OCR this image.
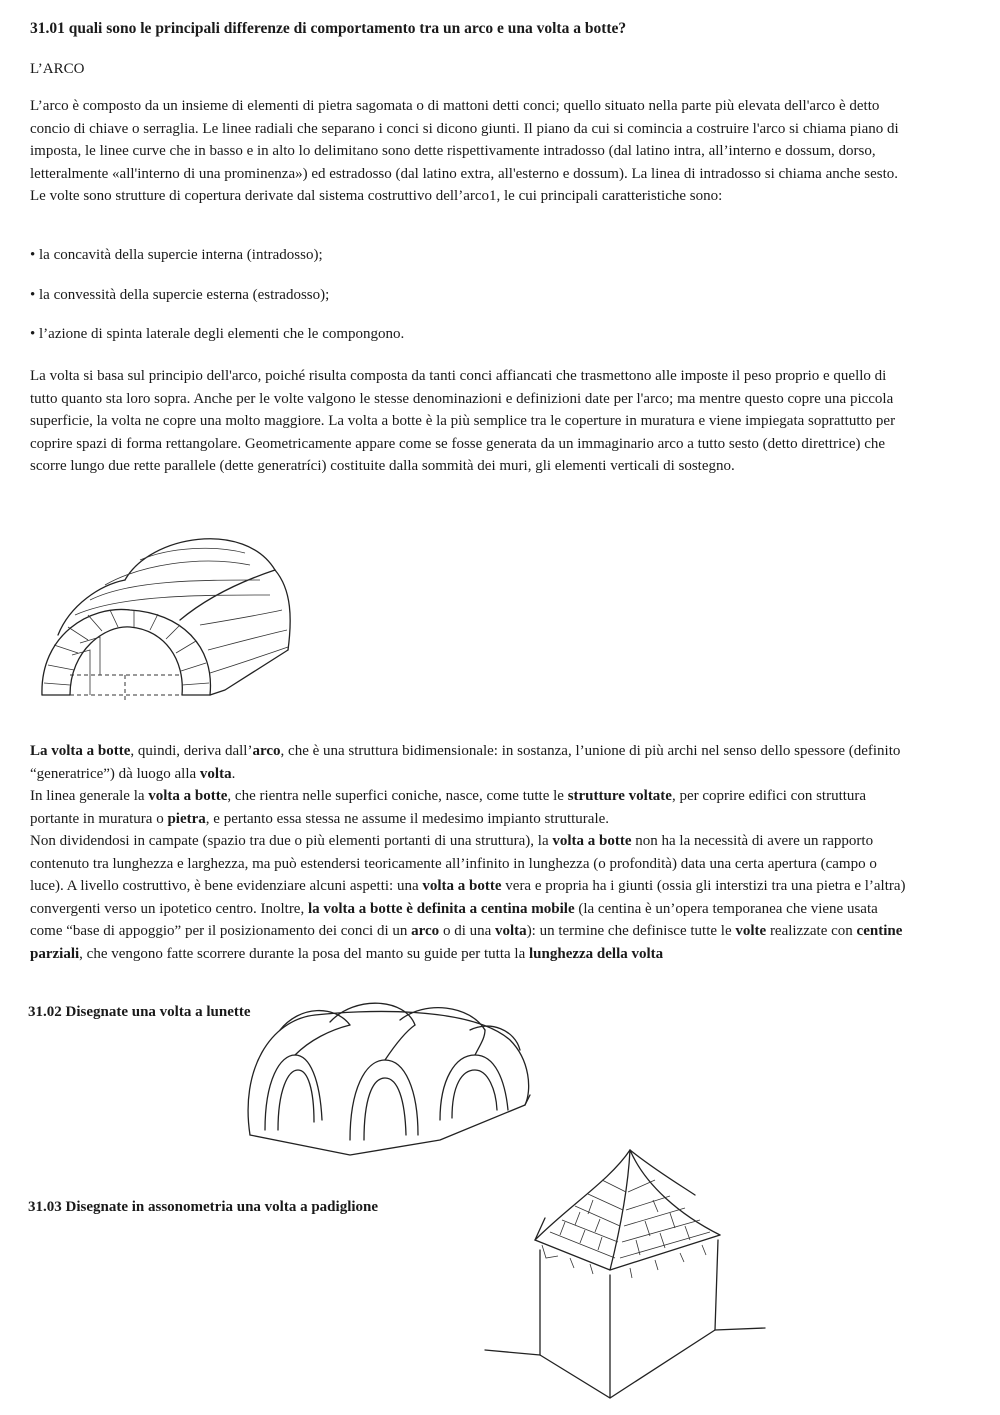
31.01 quali sono le principali differenze di comportamento tra un arco e una volta a botte?
L’ARCO
L’arco è composto da un insieme di elementi di pietra sagomata o di mattoni detti conci; quello situato nella parte più elevata dell'arco è detto concio di chiave o serraglia. Le linee radiali che separano i conci si dicono giunti. Il piano da cui si comincia a costruire l'arco si chiama piano di imposta, le linee curve che in basso e in alto lo delimitano sono dette rispettivamente intradosso (dal latino intra, all’interno e dossum, dorso, letteralmente «all'interno di una prominenza») ed estradosso (dal latino extra, all'esterno e dossum). La linea di intradosso si chiama anche sesto. Le volte sono strutture di copertura derivate dal sistema costruttivo dell’arco1, le cui principali caratteristiche sono:
• la concavità della supercie interna (intradosso);
• la convessità della supercie esterna (estradosso);
• l’azione di spinta laterale degli elementi che le compongono.
La volta si basa sul principio dell'arco, poiché risulta composta da tanti conci affiancati che trasmettono alle imposte il peso proprio e quello di tutto quanto sta loro sopra. Anche per le volte valgono le stesse denominazioni e definizioni date per l'arco; ma mentre questo copre una piccola superficie, la volta ne copre una molto maggiore. La volta a botte è la più semplice tra le coperture in muratura e viene impiegata soprattutto per coprire spazi di forma rettangolare. Geometricamente appare come se fosse generata da un immaginario arco a tutto sesto (detto direttrice) che scorre lungo due rette parallele (dette generatríci) costituite dalla sommità dei muri, gli elementi verticali di sostegno.
La volta a botte, quindi, deriva dall’arco, che è una struttura bidimensionale: in sostanza, l’unione di più archi nel senso dello spessore (definito “generatrice”) dà luogo alla volta.
In linea generale la volta a botte, che rientra nelle superfici coniche, nasce, come tutte le strutture voltate, per coprire edifici con struttura portante in muratura o pietra, e pertanto essa stessa ne assume il medesimo impianto strutturale.
Non dividendosi in campate (spazio tra due o più elementi portanti di una struttura), la volta a botte non ha la necessità di avere un rapporto contenuto tra lunghezza e larghezza, ma può estendersi teoricamente all’infinito in lunghezza (o profondità) data una certa apertura (campo o luce). A livello costruttivo, è bene evidenziare alcuni aspetti: una volta a botte vera e propria ha i giunti (ossia gli interstizi tra una pietra e l’altra) convergenti verso un ipotetico centro. Inoltre, la volta a botte è definita a centina mobile (la centina è un’opera temporanea che viene usata come “base di appoggio” per il posizionamento dei conci di un arco o di una volta): un termine che definisce tutte le volte realizzate con centine parziali, che vengono fatte scorrere durante la posa del manto su guide per tutta la lunghezza della volta
31.02 Disegnate una volta a lunette
31.03 Disegnate in assonometria una volta a padiglione
